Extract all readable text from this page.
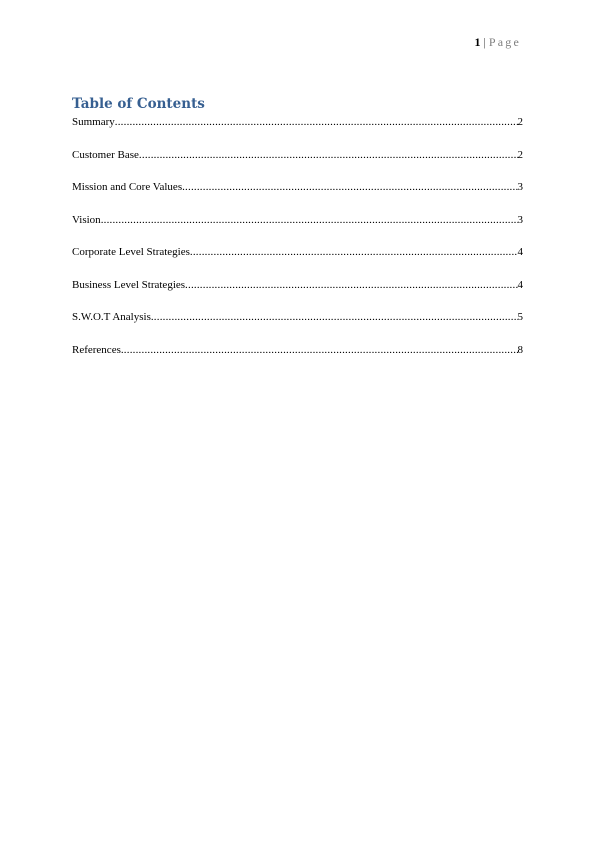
1 | Page
Table of Contents
Summary .....	2
Customer Base .....	2
Mission and Core Values .....	3
Vision .....	3
Corporate Level Strategies .....	4
Business Level Strategies .....	4
S.W.O.T Analysis .....	5
References .....	8
